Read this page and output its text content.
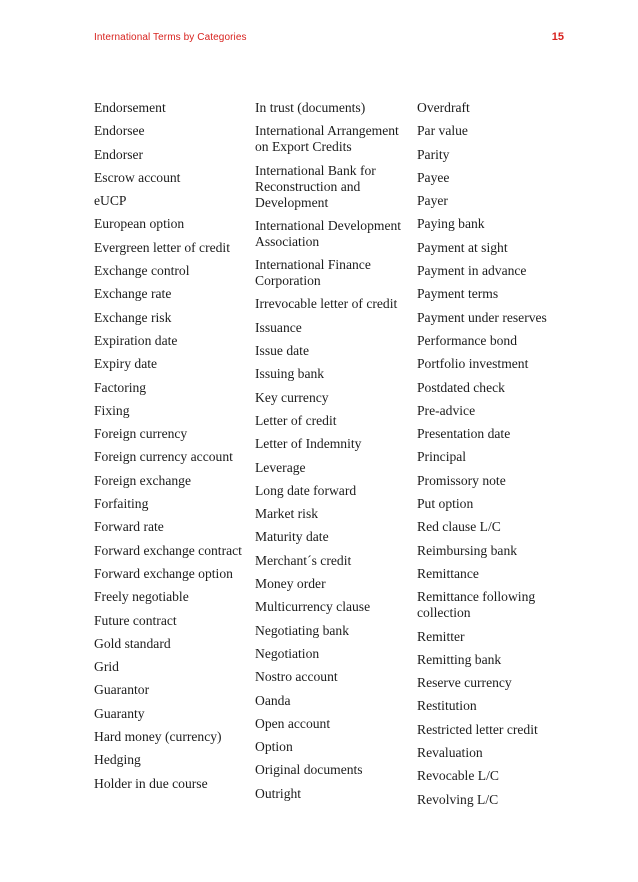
International Terms by Categories	15

Endorsement

Endorsee

Endorser

Escrow account

eUCP

European option

Evergreen letter of credit

Exchange control

Exchange rate

Exchange risk

Expiration date

Expiry date

Factoring

Fixing

Foreign currency

Foreign currency account

Foreign exchange

Forfaiting

Forward rate

Forward exchange contract

Forward exchange option

Freely negotiable

Future contract

Gold standard

Grid

Guarantor

Guaranty

Hard money (currency)

Hedging

Holder in due course

In trust (documents)

International Arrangement on Export Credits

International Bank for Reconstruction and Development

International Development Association

International Finance Corporation

Irrevocable letter of credit

Issuance

Issue date

Issuing bank

Key currency

Letter of credit

Letter of Indemnity

Leverage

Long date forward

Market risk

Maturity date

Merchant´s credit

Money order

Multicurrency clause

Negotiating bank

Negotiation

Nostro account

Oanda

Open account

Option

Original documents

Outright

Overdraft

Par value

Parity

Payee

Payer

Paying bank

Payment at sight

Payment in advance

Payment terms

Payment under reserves

Performance bond

Portfolio investment

Postdated check

Pre-advice

Presentation date

Principal

Promissory note

Put option

Red clause L/C

Reimbursing bank

Remittance

Remittance following collection

Remitter

Remitting bank

Reserve currency

Restitution

Restricted letter credit

Revaluation

Revocable L/C

Revolving L/C
